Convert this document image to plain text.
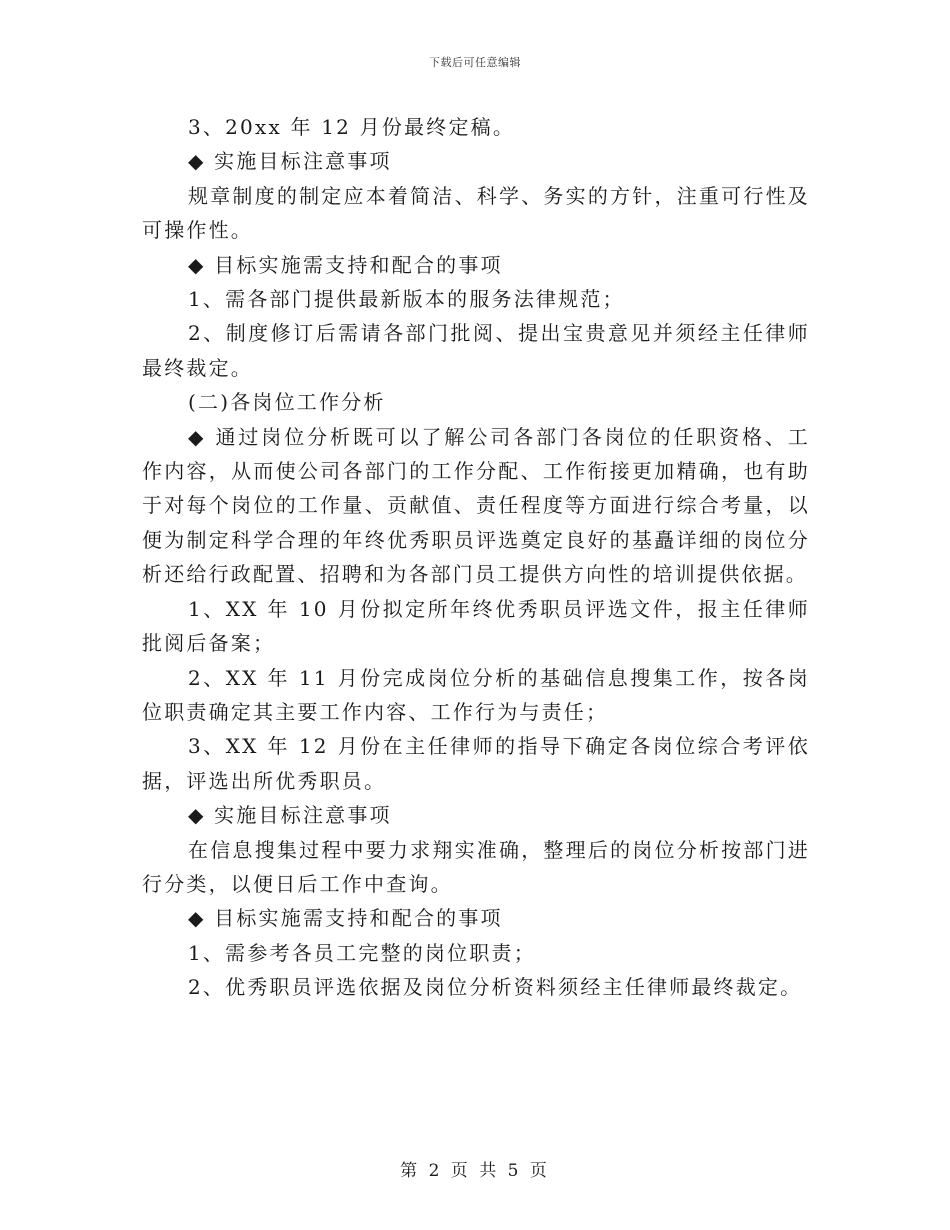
下载后可任意编辑

3、20xx 年 12 月份最终定稿。

◆ 实施目标注意事项

规章制度的制定应本着简洁、科学、务实的方针，注重可行性及可操作性。

◆ 目标实施需支持和配合的事项

1、需各部门提供最新版本的服务法律规范；

2、制度修订后需请各部门批阅、提出宝贵意见并须经主任律师最终裁定。

(二)各岗位工作分析

◆ 通过岗位分析既可以了解公司各部门各岗位的任职资格、工作内容，从而使公司各部门的工作分配、工作衔接更加精确，也有助于对每个岗位的工作量、贡献值、责任程度等方面进行综合考量，以便为制定科学合理的年终优秀职员评选奠定良好的基矗详细的岗位分析还给行政配置、招聘和为各部门员工提供方向性的培训提供依据。

1、XX 年 10 月份拟定所年终优秀职员评选文件，报主任律师批阅后备案；

2、XX 年 11 月份完成岗位分析的基础信息搜集工作，按各岗位职责确定其主要工作内容、工作行为与责任；

3、XX 年 12 月份在主任律师的指导下确定各岗位综合考评依据，评选出所优秀职员。

◆ 实施目标注意事项

在信息搜集过程中要力求翔实准确，整理后的岗位分析按部门进行分类，以便日后工作中查询。

◆ 目标实施需支持和配合的事项

1、需参考各员工完整的岗位职责；

2、优秀职员评选依据及岗位分析资料须经主任律师最终裁定。

第 2 页 共 5 页
